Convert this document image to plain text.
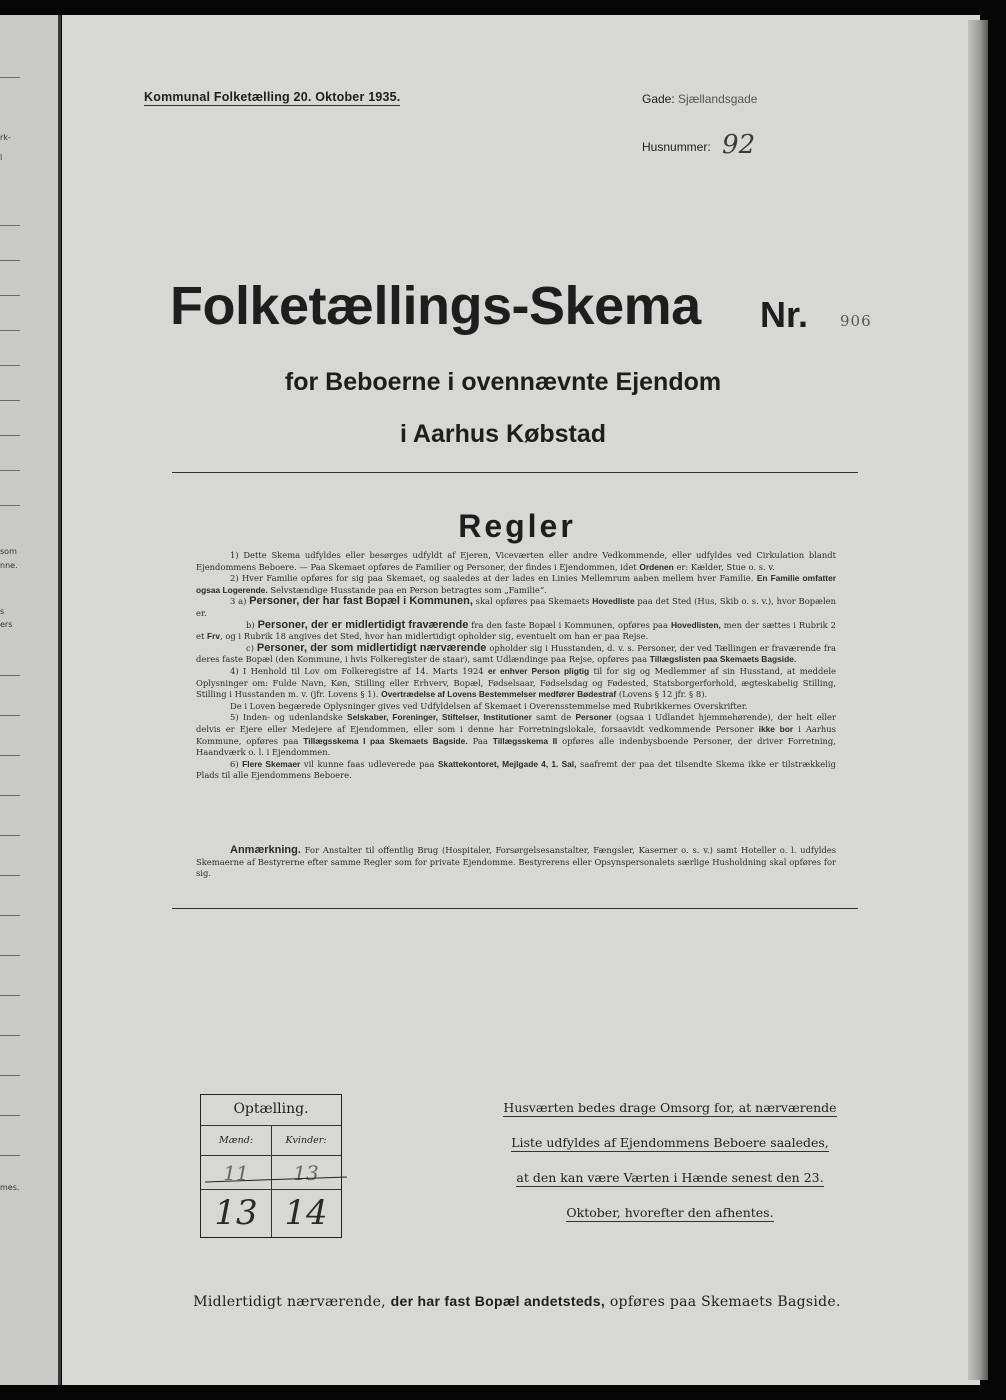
rk-
l
som
nne.
s
ers
mes.
Kommunal Folketælling 20. Oktober 1935.	Gade: Sjællandsgade
Husnummer: 92
Folketællings-Skema Nr. 906
for Beboerne i ovennævnte Ejendom
i Aarhus Købstad
Regler

1) Dette Skema udfyldes eller besørges udfyldt af Ejeren, Viceværten eller andre Vedkommende, eller udfyldes ved Cirkulation blandt Ejendommens Beboere. — Paa Skemaet opføres de Familier og Personer, der findes i Ejendommen, idet Ordenen er: Kælder, Stue o. s. v.

2) Hver Familie opføres for sig paa Skemaet, og saaledes at der lades en Linies Mellemrum aaben mellem hver Familie. En Familie omfatter ogsaa Logerende. Selvstændige Husstande paa en Person betragtes som „Familie“.

3 a) Personer, der har fast Bopæl i Kommunen, skal opføres paa Skemaets Hovedliste paa det Sted (Hus, Skib o. s. v.), hvor Bopælen er.

b) Personer, der er midlertidigt fraværende fra den faste Bopæl i Kommunen, opføres paa Hovedlisten, men der sættes i Rubrik 2 et Frv, og i Rubrik 18 angives det Sted, hvor han midlertidigt opholder sig, eventuelt om han er paa Rejse.

c) Personer, der som midlertidigt nærværende opholder sig i Husstanden, d. v. s. Personer, der ved Tællingen er fraværende fra deres faste Bopæl (den Kommune, i hvis Folkeregister de staar), samt Udlændinge paa Rejse, opføres paa Tillægslisten paa Skemaets Bagside.

4) I Henhold til Lov om Folkeregistre af 14. Marts 1924 er enhver Person pligtig til for sig og Medlemmer af sin Husstand, at meddele Oplysninger om: Fulde Navn, Køn, Stilling eller Erhverv, Bopæl, Fødselsaar, Fødselsdag og Fødested, Statsborgerforhold, ægteskabelig Stilling, Stilling i Husstanden m. v. (jfr. Lovens § 1). Overtrædelse af Lovens Bestemmelser medfører Bødestraf (Lovens § 12 jfr. § 8).

De i Loven begærede Oplysninger gives ved Udfyldelsen af Skemaet i Overensstemmelse med Rubrikkernes Overskrifter.

5) Inden- og udenlandske Selskaber, Foreninger, Stiftelser, Institutioner samt de Personer (ogsaa i Udlandet hjemmehørende), der helt eller delvis er Ejere eller Medejere af Ejendommen, eller som i denne har Forretningslokale, forsaavidt vedkommende Personer ikke bor i Aarhus Kommune, opføres paa Tillægsskema I paa Skemaets Bagside. Paa Tillægsskema II opføres alle indenbysboende Personer, der driver Forretning, Haandværk o. l. i Ejendommen.

6) Flere Skemaer vil kunne faas udleverede paa Skattekontoret, Mejlgade 4, 1. Sal, saafremt der paa det tilsendte Skema ikke er tilstrækkelig Plads til alle Ejendommens Beboere.

Anmærkning. For Anstalter til offentlig Brug (Hospitaler, Forsørgelsesanstalter, Fængsler, Kaserner o. s. v.) samt Hoteller o. l. udfyldes Skemaerne af Bestyrerne efter samme Regler som for private Ejendomme. Bestyrerens eller Opsynspersonalets særlige Husholdning skal opføres for sig.

Optælling.
Mænd:	Kvinder:
11	13
13 14
Husværten bedes drage Omsorg for, at nærværende
Liste udfyldes af Ejendommens Beboere saaledes,
at den kan være Værten i Hænde senest den 23.
Oktober, hvorefter den afhentes.
Midlertidigt nærværende, der har fast Bopæl andetsteds, opføres paa Skemaets Bagside.
